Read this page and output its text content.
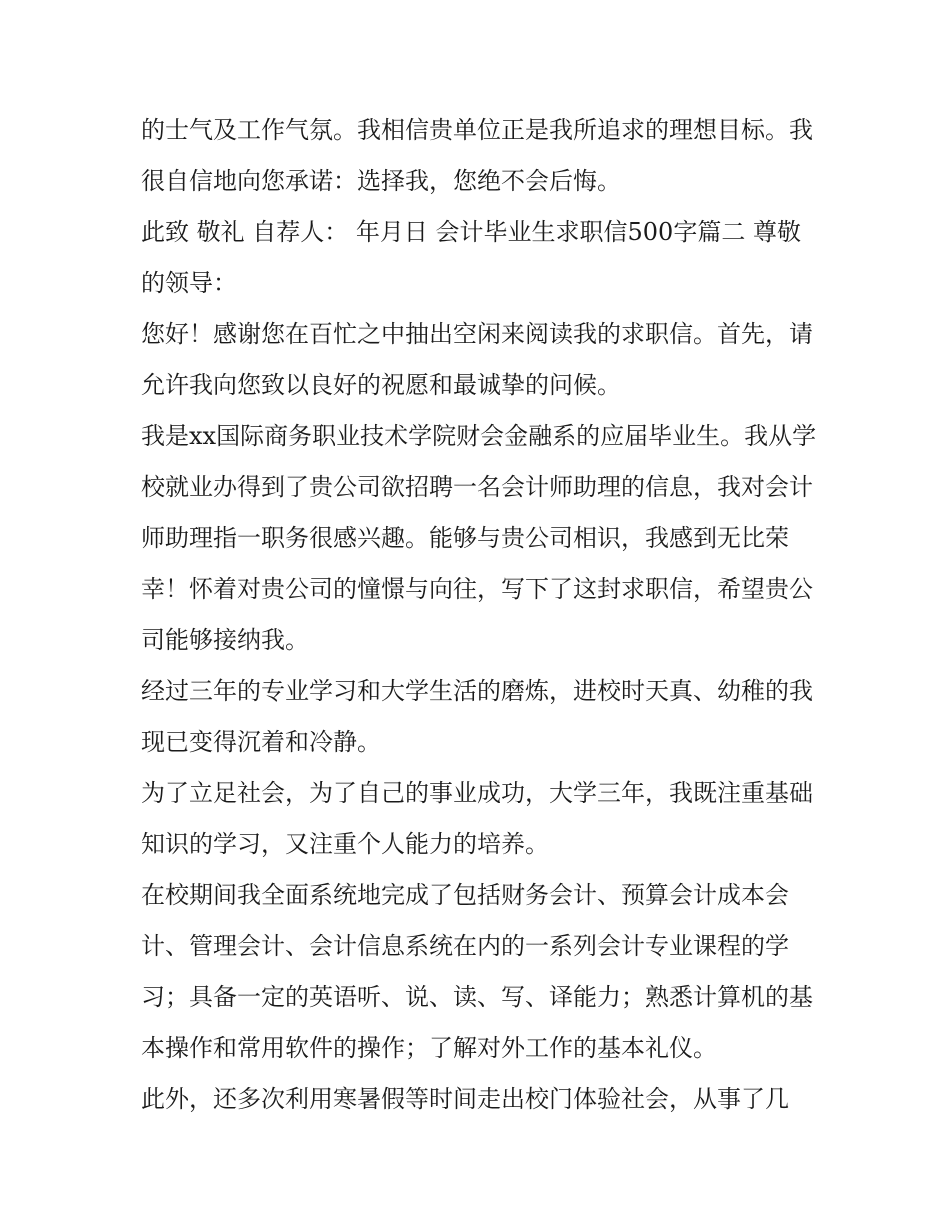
的士气及工作气氛。我相信贵单位正是我所追求的理想目标。我很自信地向您承诺：选择我，您绝不会后悔。

此致 敬礼 自荐人： 年月日 会计毕业生求职信500字篇二 尊敬的领导：

您好！感谢您在百忙之中抽出空闲来阅读我的求职信。首先，请允许我向您致以良好的祝愿和最诚挚的问候。

我是xx国际商务职业技术学院财会金融系的应届毕业生。我从学校就业办得到了贵公司欲招聘一名会计师助理的信息，我对会计师助理指一职务很感兴趣。能够与贵公司相识，我感到无比荣幸！怀着对贵公司的憧憬与向往，写下了这封求职信，希望贵公司能够接纳我。

经过三年的专业学习和大学生活的磨炼，进校时天真、幼稚的我现已变得沉着和冷静。

为了立足社会，为了自己的事业成功，大学三年，我既注重基础知识的学习，又注重个人能力的培养。

在校期间我全面系统地完成了包括财务会计、预算会计成本会计、管理会计、会计信息系统在内的一系列会计专业课程的学习；具备一定的英语听、说、读、写、译能力；熟悉计算机的基本操作和常用软件的操作；了解对外工作的基本礼仪。

此外，还多次利用寒暑假等时间走出校门体验社会，从事了几
